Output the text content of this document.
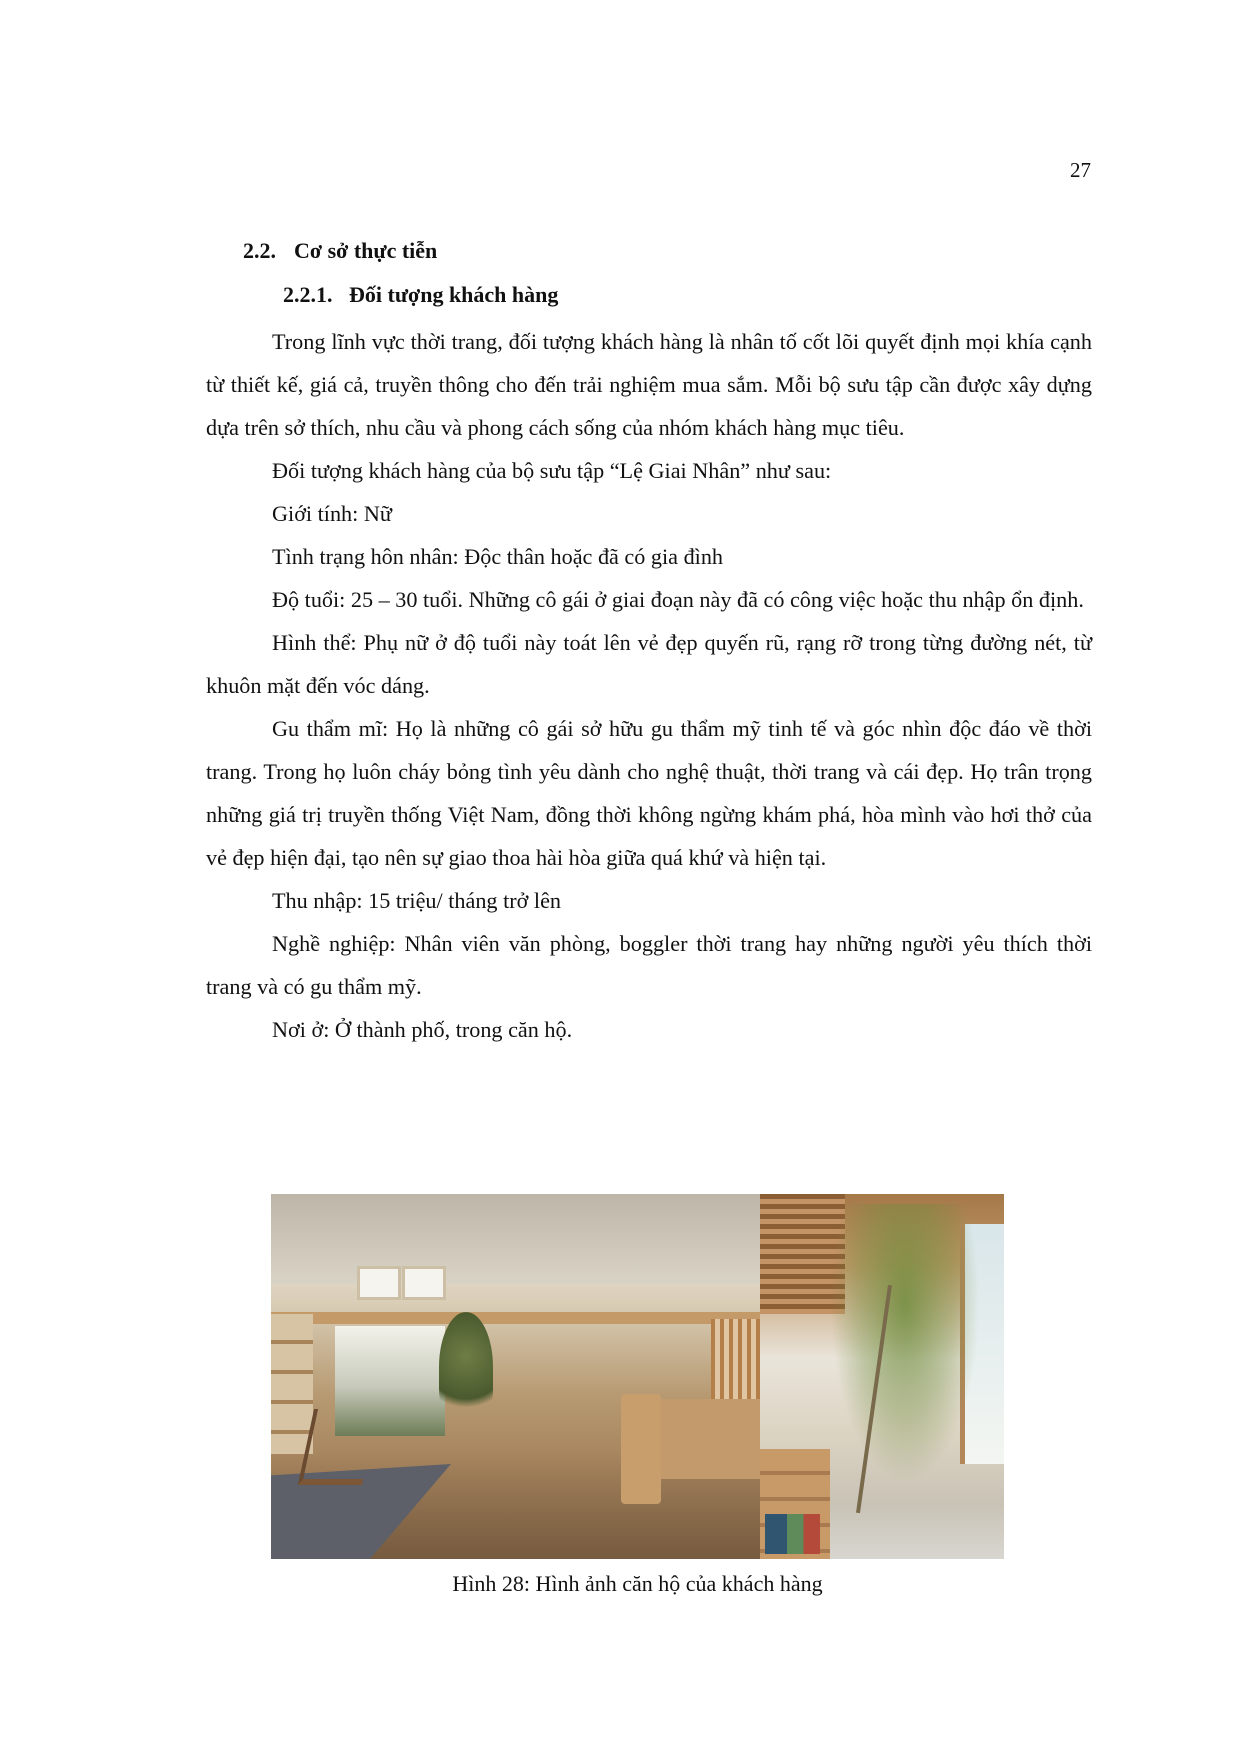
27
2.2. Cơ sở thực tiễn
2.2.1. Đối tượng khách hàng

Trong lĩnh vực thời trang, đối tượng khách hàng là nhân tố cốt lõi quyết định mọi khía cạnh từ thiết kế, giá cả, truyền thông cho đến trải nghiệm mua sắm. Mỗi bộ sưu tập cần được xây dựng dựa trên sở thích, nhu cầu và phong cách sống của nhóm khách hàng mục tiêu.

Đối tượng khách hàng của bộ sưu tập “Lệ Giai Nhân” như sau:

Giới tính: Nữ

Tình trạng hôn nhân: Độc thân hoặc đã có gia đình

Độ tuổi: 25 – 30 tuổi. Những cô gái ở giai đoạn này đã có công việc hoặc thu nhập ổn định.

Hình thể: Phụ nữ ở độ tuổi này toát lên vẻ đẹp quyến rũ, rạng rỡ trong từng đường nét, từ khuôn mặt đến vóc dáng.

Gu thẩm mĩ: Họ là những cô gái sở hữu gu thẩm mỹ tinh tế và góc nhìn độc đáo về thời trang. Trong họ luôn cháy bỏng tình yêu dành cho nghệ thuật, thời trang và cái đẹp. Họ trân trọng những giá trị truyền thống Việt Nam, đồng thời không ngừng khám phá, hòa mình vào hơi thở của vẻ đẹp hiện đại, tạo nên sự giao thoa hài hòa giữa quá khứ và hiện tại.

Thu nhập: 15 triệu/ tháng trở lên

Nghề nghiệp: Nhân viên văn phòng, boggler thời trang hay những người yêu thích thời trang và có gu thẩm mỹ.

Nơi ở: Ở thành phố, trong căn hộ.

Hình 28: Hình ảnh căn hộ của khách hàng
